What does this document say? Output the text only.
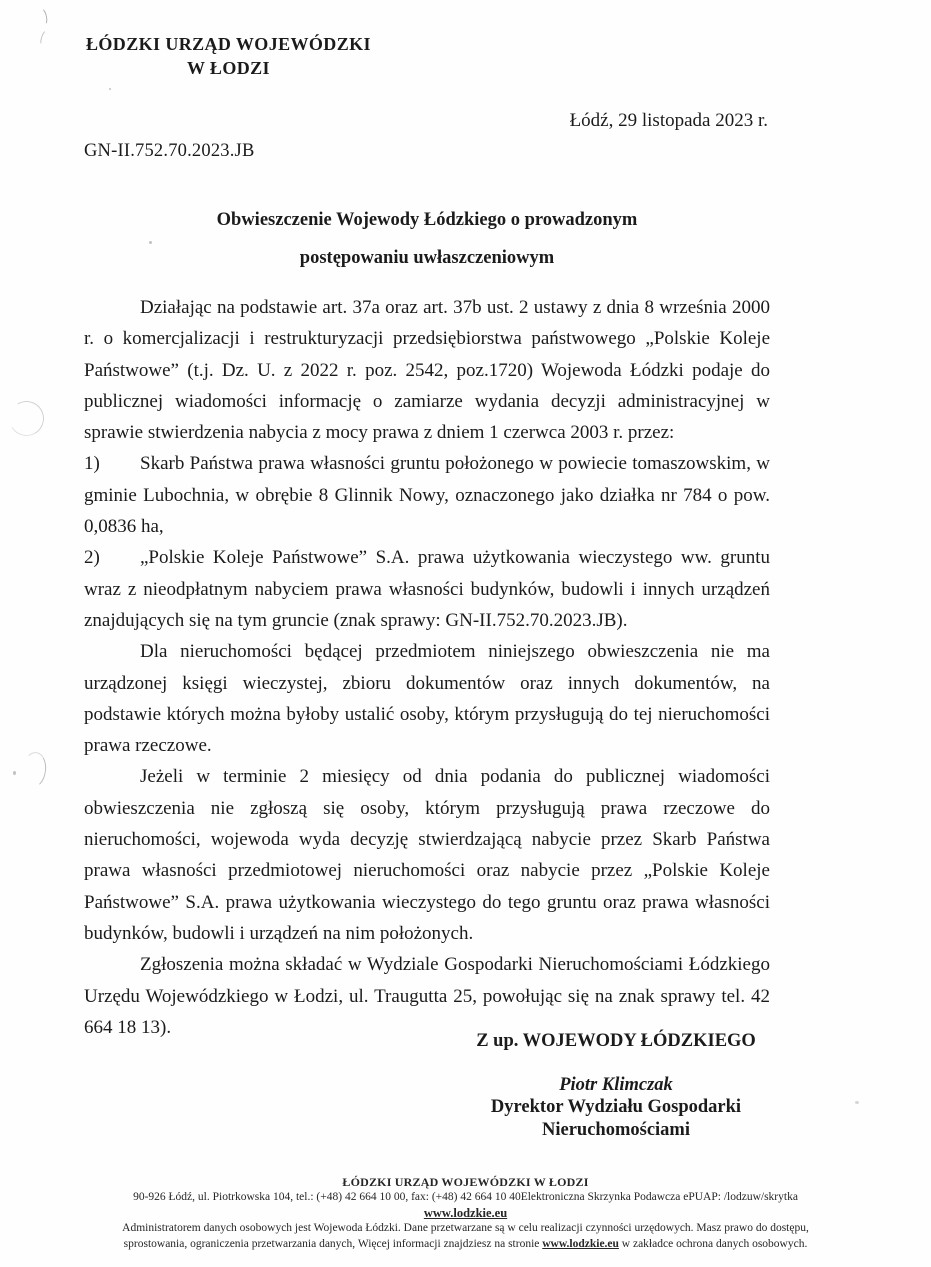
ŁÓDZKI URZĄD WOJEWÓDZKI
W ŁODZI
Łódź, 29 listopada 2023 r.
GN-II.752.70.2023.JB
Obwieszczenie Wojewody Łódzkiego o prowadzonym
postępowaniu uwłaszczeniowym

Działając na podstawie art. 37a oraz art. 37b ust. 2 ustawy z dnia 8 września 2000 r. o komercjalizacji i restrukturyzacji przedsiębiorstwa państwowego „Polskie Koleje Państwowe” (t.j. Dz. U. z 2022 r. poz. 2542, poz.1720) Wojewoda Łódzki podaje do publicznej wiadomości informację o zamiarze wydania decyzji administracyjnej w sprawie stwierdzenia nabycia z mocy prawa z dniem 1 czerwca 2003 r. przez:

1) Skarb Państwa prawa własności gruntu położonego w powiecie tomaszowskim, w gminie Lubochnia, w obrębie 8 Glinnik Nowy, oznaczonego jako działka nr 784 o pow. 0,0836 ha,

2) „Polskie Koleje Państwowe” S.A. prawa użytkowania wieczystego ww. gruntu wraz z nieodpłatnym nabyciem prawa własności budynków, budowli i innych urządzeń znajdujących się na tym gruncie (znak sprawy: GN-II.752.70.2023.JB).

Dla nieruchomości będącej przedmiotem niniejszego obwieszczenia nie ma urządzonej księgi wieczystej, zbioru dokumentów oraz innych dokumentów, na podstawie których można byłoby ustalić osoby, którym przysługują do tej nieruchomości prawa rzeczowe.

Jeżeli w terminie 2 miesięcy od dnia podania do publicznej wiadomości obwieszczenia nie zgłoszą się osoby, którym przysługują prawa rzeczowe do nieruchomości, wojewoda wyda decyzję stwierdzającą nabycie przez Skarb Państwa prawa własności przedmiotowej nieruchomości oraz nabycie przez „Polskie Koleje Państwowe” S.A. prawa użytkowania wieczystego do tego gruntu oraz prawa własności budynków, budowli i urządzeń na nim położonych.

Zgłoszenia można składać w Wydziale Gospodarki Nieruchomościami Łódzkiego Urzędu Wojewódzkiego w Łodzi, ul. Traugutta 25, powołując się na znak sprawy tel. 42 664 18 13).

Z up. WOJEWODY ŁÓDZKIEGO
Piotr Klimczak
Dyrektor Wydziału Gospodarki
Nieruchomościami
ŁÓDZKI URZĄD WOJEWÓDZKI W ŁODZI
90-926 Łódź, ul. Piotrkowska 104, tel.: (+48) 42 664 10 00, fax: (+48) 42 664 10 40Elektroniczna Skrzynka Podawcza ePUAP: /lodzuw/skrytka
www.lodzkie.eu
Administratorem danych osobowych jest Wojewoda Łódzki. Dane przetwarzane są w celu realizacji czynności urzędowych. Masz prawo do dostępu,
sprostowania, ograniczenia przetwarzania danych, Więcej informacji znajdziesz na stronie www.lodzkie.eu w zakładce ochrona danych osobowych.
